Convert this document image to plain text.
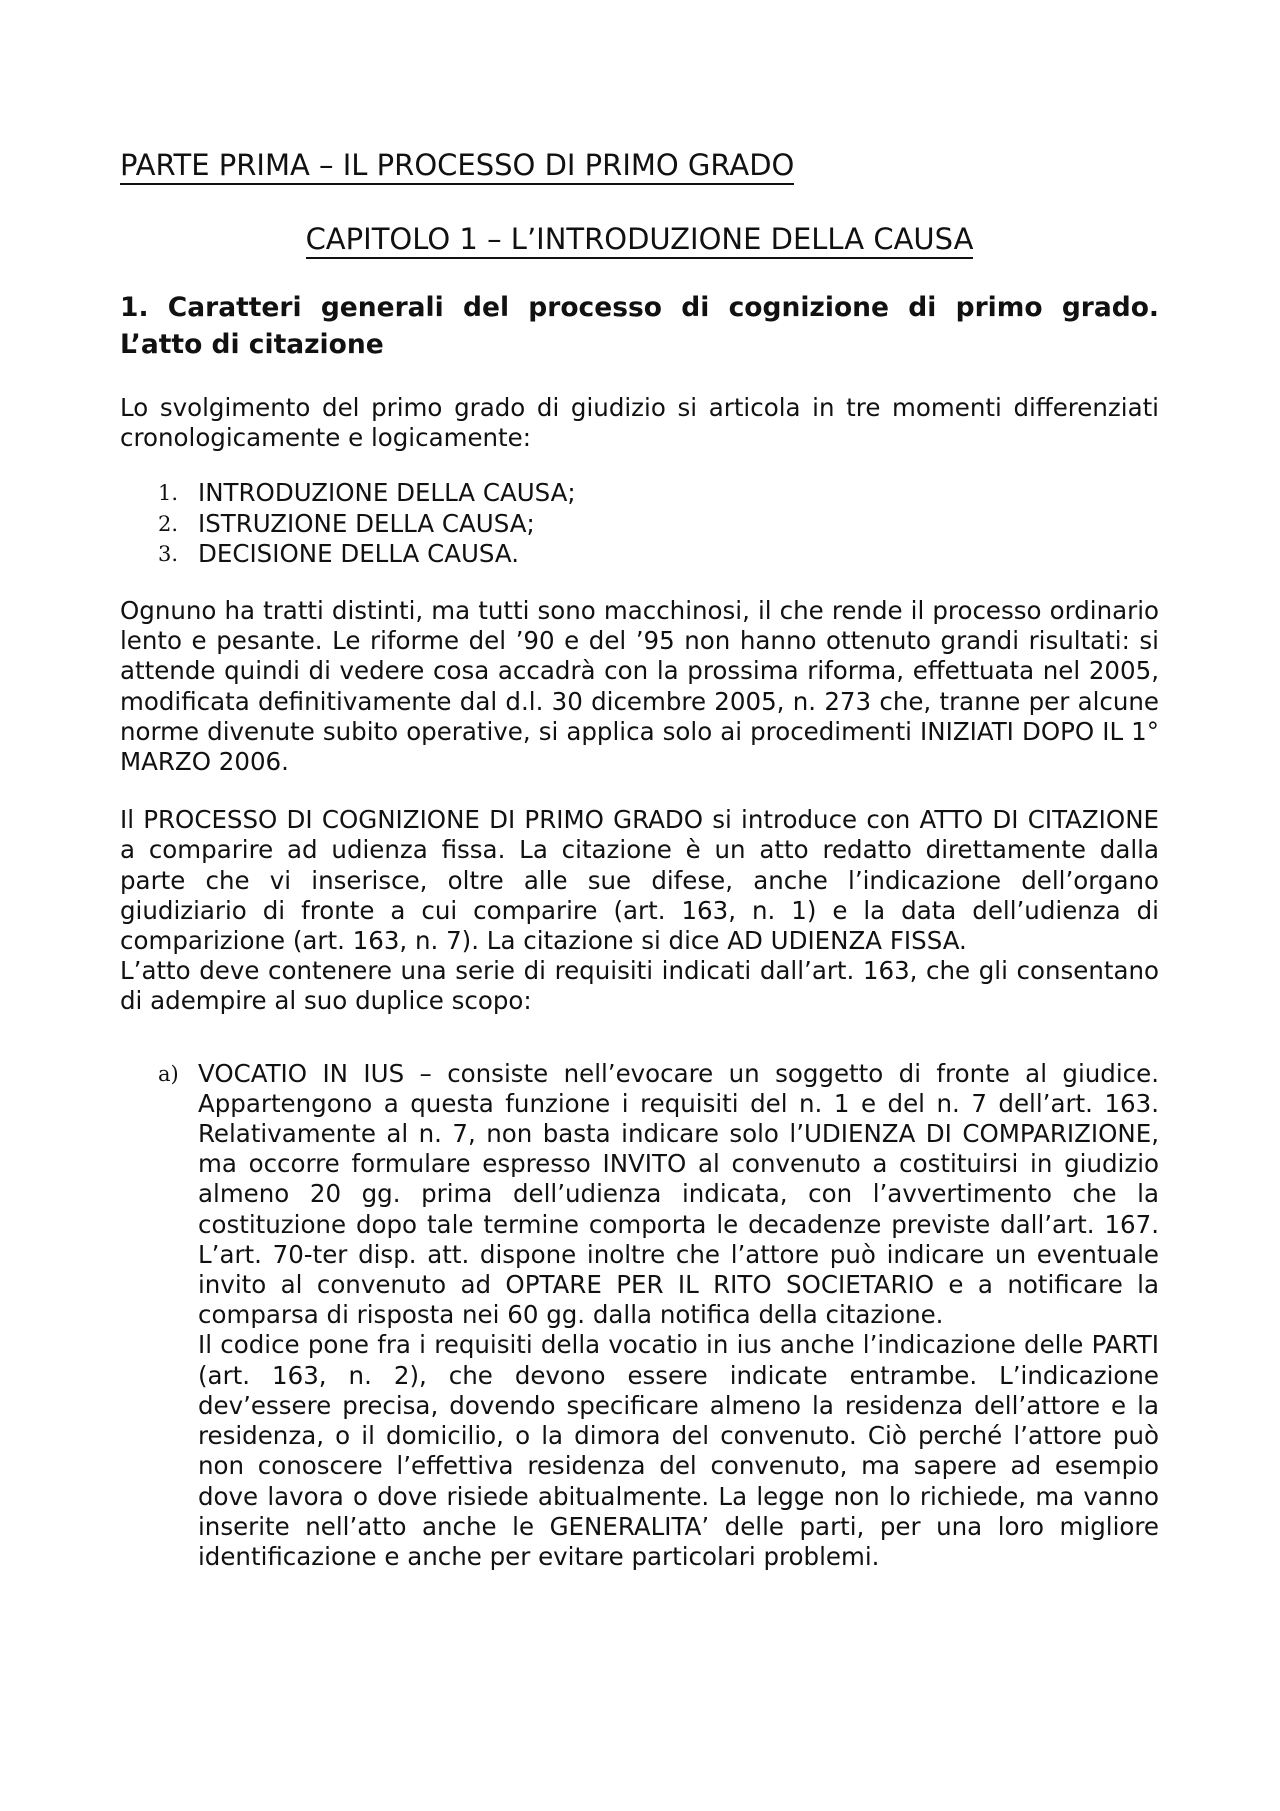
PARTE PRIMA – IL PROCESSO DI PRIMO GRADO
CAPITOLO 1 – L’INTRODUZIONE DELLA CAUSA
1. Caratteri generali del processo di cognizione di primo grado. L’atto di citazione

Lo svolgimento del primo grado di giudizio si articola in tre momenti differenziati cronologicamente e logicamente:

1. INTRODUZIONE DELLA CAUSA;
2. ISTRUZIONE DELLA CAUSA;
3. DECISIONE DELLA CAUSA.

Ognuno ha tratti distinti, ma tutti sono macchinosi, il che rende il processo ordinario lento e pesante. Le riforme del ’90 e del ’95 non hanno ottenuto grandi risultati: si attende quindi di vedere cosa accadrà con la prossima riforma, effettuata nel 2005, modificata definitivamente dal d.l. 30 dicembre 2005, n. 273 che, tranne per alcune norme divenute subito operative, si applica solo ai procedimenti INIZIATI DOPO IL 1° MARZO 2006.

Il PROCESSO DI COGNIZIONE DI PRIMO GRADO si introduce con ATTO DI CITAZIONE a comparire ad udienza fissa. La citazione è un atto redatto direttamente dalla parte che vi inserisce, oltre alle sue difese, anche l’indicazione dell’organo giudiziario di fronte a cui comparire (art. 163, n. 1) e la data dell’udienza di comparizione (art. 163, n. 7). La citazione si dice AD UDIENZA FISSA.

L’atto deve contenere una serie di requisiti indicati dall’art. 163, che gli consentano di adempire al suo duplice scopo:

a) VOCATIO IN IUS – consiste nell’evocare un soggetto di fronte al giudice. Appartengono a questa funzione i requisiti del n. 1 e del n. 7 dell’art. 163. Relativamente al n. 7, non basta indicare solo l’UDIENZA DI COMPARIZIONE, ma occorre formulare espresso INVITO al convenuto a costituirsi in giudizio almeno 20 gg. prima dell’udienza indicata, con l’avvertimento che la costituzione dopo tale termine comporta le decadenze previste dall’art. 167. L’art. 70-ter disp. att. dispone inoltre che l’attore può indicare un eventuale invito al convenuto ad OPTARE PER IL RITO SOCIETARIO e a notificare la comparsa di risposta nei 60 gg. dalla notifica della citazione.

Il codice pone fra i requisiti della vocatio in ius anche l’indicazione delle PARTI (art. 163, n. 2), che devono essere indicate entrambe. L’indicazione dev’essere precisa, dovendo specificare almeno la residenza dell’attore e la residenza, o il domicilio, o la dimora del convenuto. Ciò perché l’attore può non conoscere l’effettiva residenza del convenuto, ma sapere ad esempio dove lavora o dove risiede abitualmente. La legge non lo richiede, ma vanno inserite nell’atto anche le GENERALITA’ delle parti, per una loro migliore identificazione e anche per evitare particolari problemi.
